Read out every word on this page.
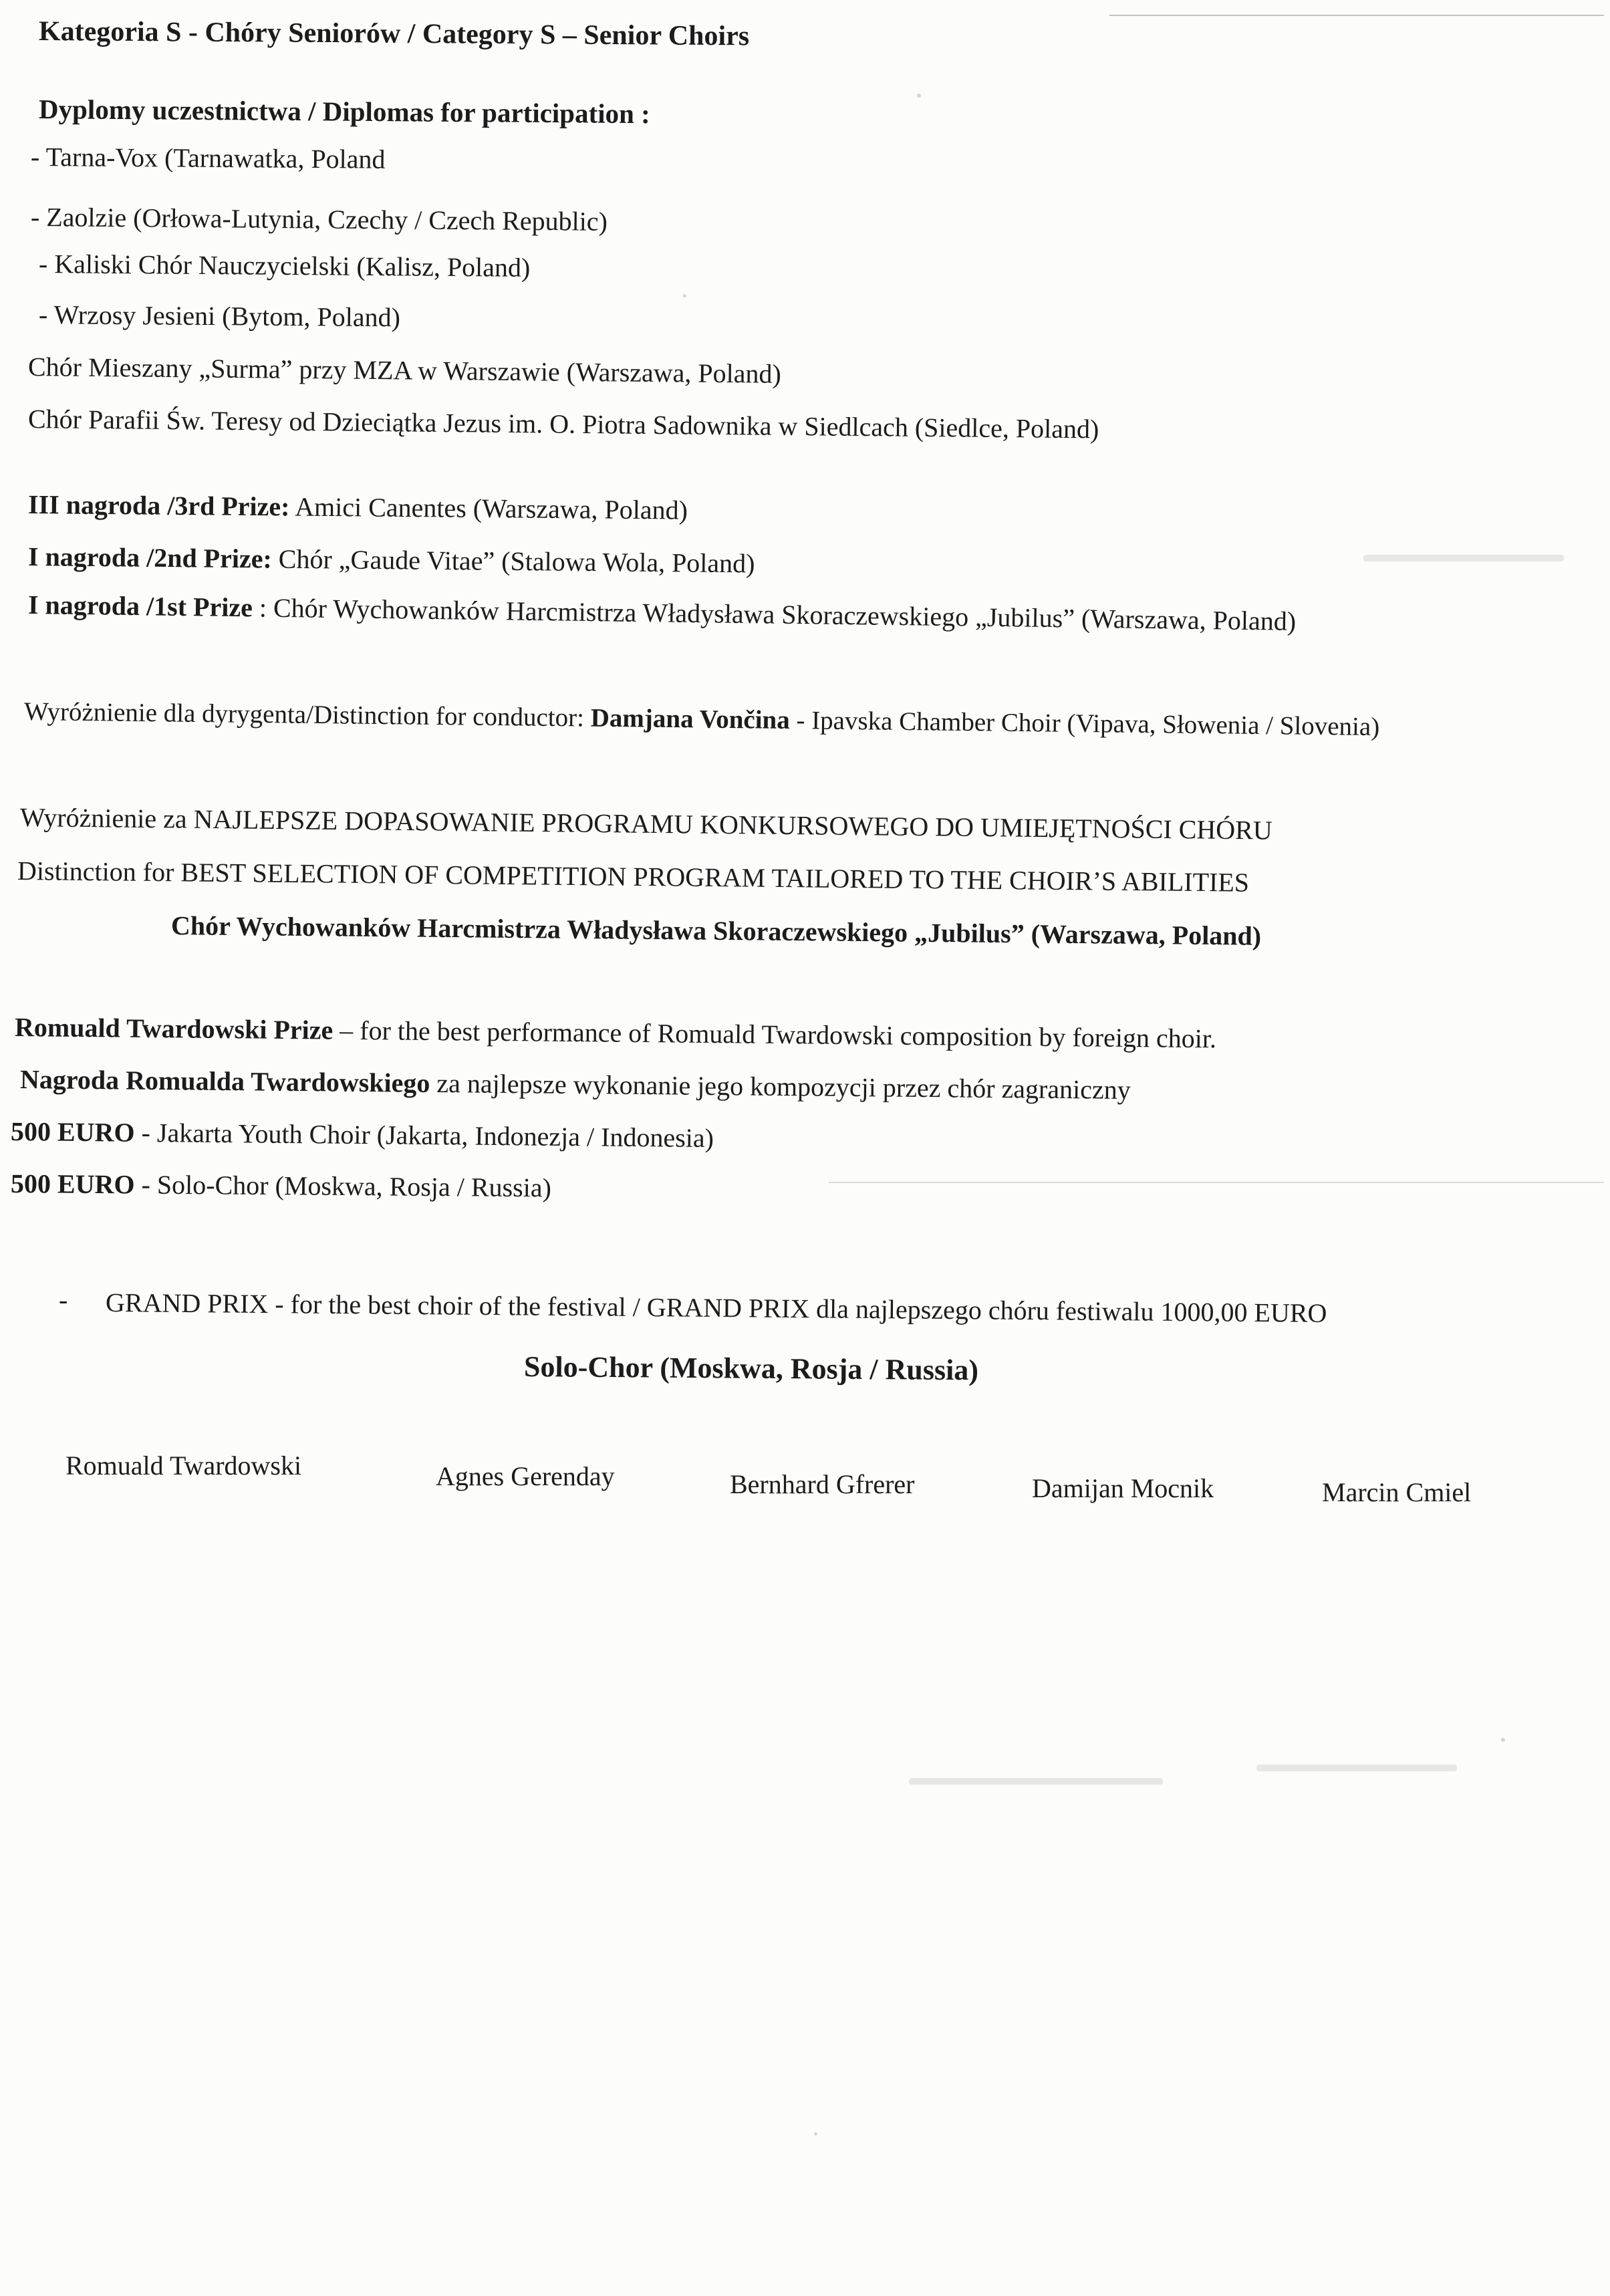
Kategoria S - Chóry Seniorów / Category S – Senior Choirs
Dyplomy uczestnictwa / Diplomas for participation :
- Tarna-Vox (Tarnawatka, Poland
- Zaolzie (Orłowa-Lutynia, Czechy / Czech Republic)
- Kaliski Chór Nauczycielski (Kalisz, Poland)
- Wrzosy Jesieni (Bytom, Poland)
Chór Mieszany „Surma” przy MZA w Warszawie (Warszawa, Poland)
Chór Parafii Św. Teresy od Dzieciątka Jezus im. O. Piotra Sadownika w Siedlcach (Siedlce, Poland)
III nagroda /3rd Prize: Amici Canentes (Warszawa, Poland)
I nagroda /2nd Prize: Chór „Gaude Vitae” (Stalowa Wola, Poland)
I nagroda /1st Prize : Chór Wychowanków Harcmistrza Władysława Skoraczewskiego „Jubilus” (Warszawa, Poland)
Wyróżnienie dla dyrygenta/Distinction for conductor: Damjana Vončina - Ipavska Chamber Choir (Vipava, Słowenia / Slovenia)
Wyróżnienie za NAJLEPSZE DOPASOWANIE PROGRAMU KONKURSOWEGO DO UMIEJĘTNOŚCI CHÓRU
Distinction for BEST SELECTION OF COMPETITION PROGRAM TAILORED TO THE CHOIR’S ABILITIES
Chór Wychowanków Harcmistrza Władysława Skoraczewskiego „Jubilus” (Warszawa, Poland)
Romuald Twardowski Prize – for the best performance of Romuald Twardowski composition by foreign choir.
Nagroda Romualda Twardowskiego za najlepsze wykonanie jego kompozycji przez chór zagraniczny
500 EURO - Jakarta Youth Choir (Jakarta, Indonezja / Indonesia)
500 EURO - Solo-Chor (Moskwa, Rosja / Russia)
- GRAND PRIX - for the best choir of the festival / GRAND PRIX dla najlepszego chóru festiwalu 1000,00 EURO
Solo-Chor (Moskwa, Rosja / Russia)
Romuald Twardowski	Agnes Gerenday	Bernhard Gfrerer	Damijan Mocnik	Marcin Cmiel
